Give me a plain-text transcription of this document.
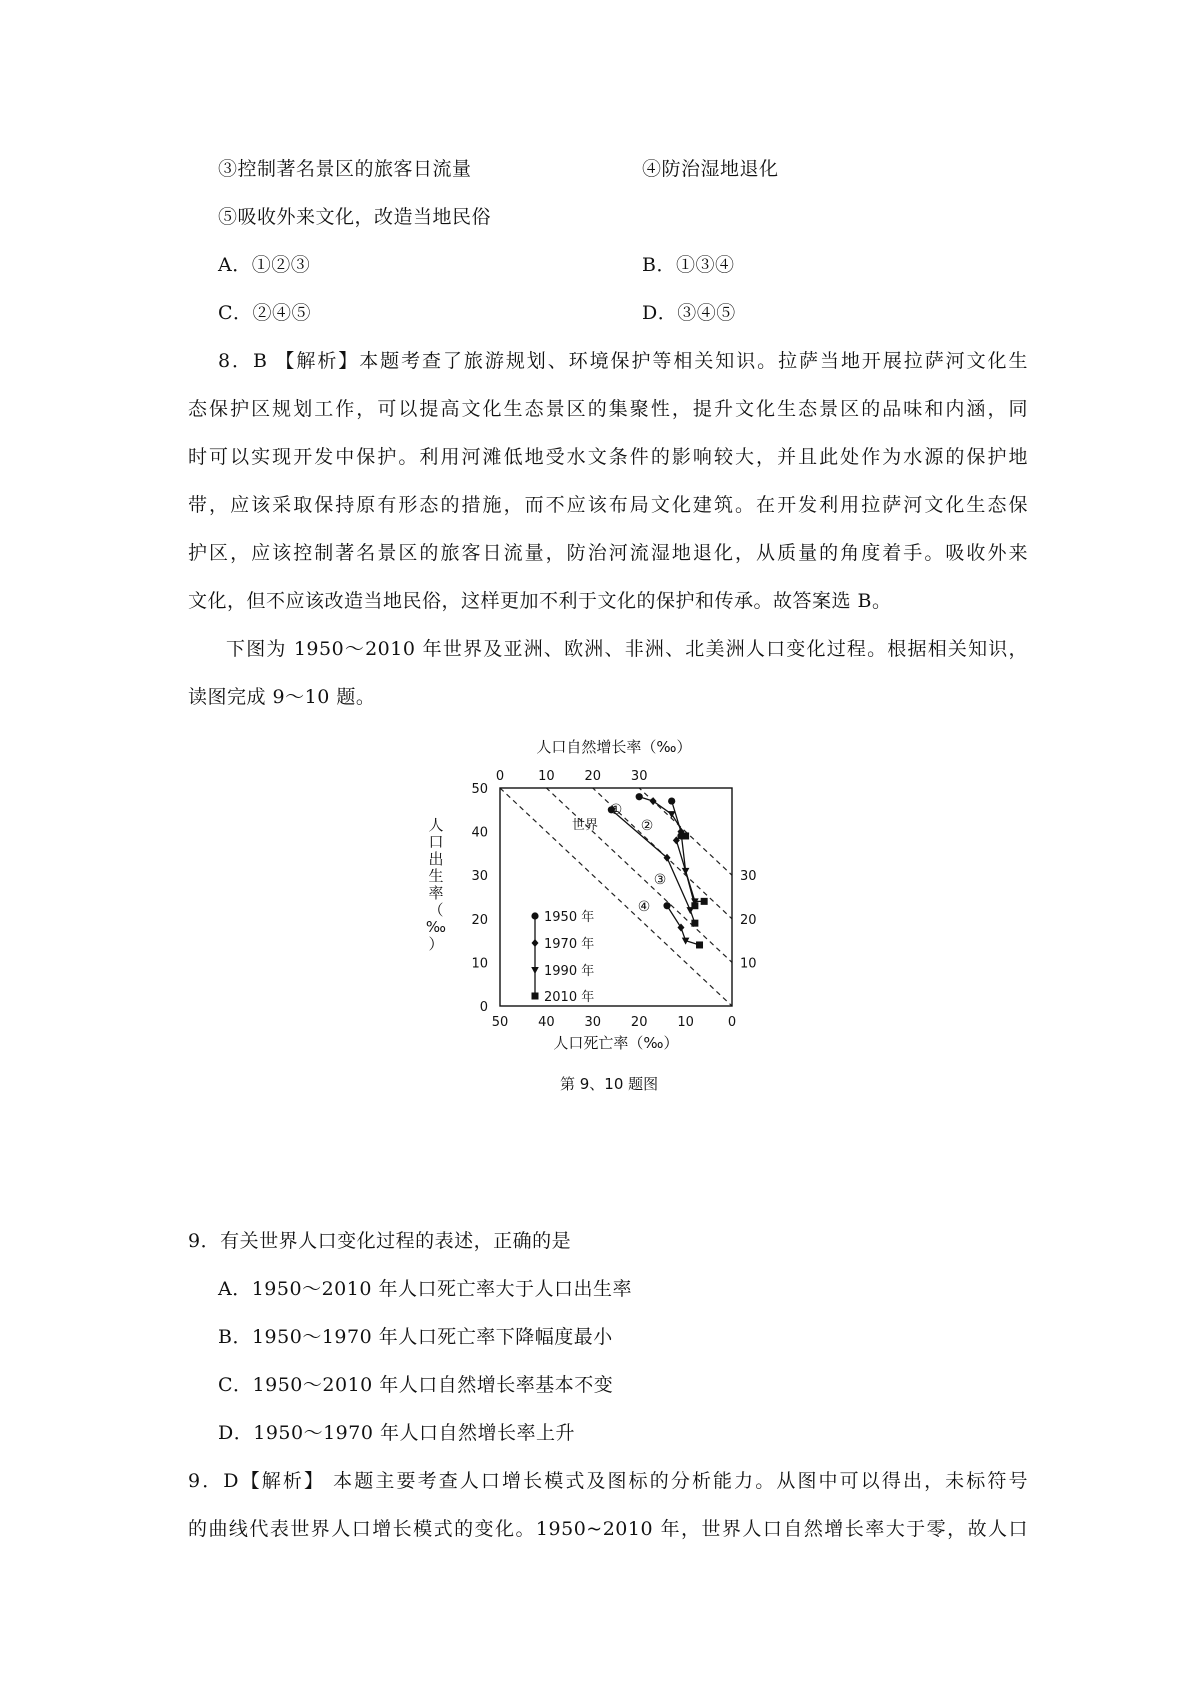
③控制著名景区的旅客日流量	④防治湿地退化
⑤吸收外来文化，改造当地民俗
A．①②③	B．①③④
C．②④⑤	D．③④⑤
8．B 【解析】本题考查了旅游规划、环境保护等相关知识。拉萨当地开展拉萨河文化生
态保护区规划工作，可以提高文化生态景区的集聚性，提升文化生态景区的品味和内涵，同
时可以实现开发中保护。利用河滩低地受水文条件的影响较大，并且此处作为水源的保护地
带，应该采取保持原有形态的措施，而不应该布局文化建筑。在开发利用拉萨河文化生态保
护区，应该控制著名景区的旅客日流量，防治河流湿地退化，从质量的角度着手。吸收外来
文化，但不应该改造当地民俗，这样更加不利于文化的保护和传承。故答案选 B。
下图为 1950～2010 年世界及亚洲、欧洲、非洲、北美洲人口变化过程。根据相关知识，
读图完成 9～10 题。
人口自然增长率（‰）
0	10 20 30
50
40
30
20
10
0
50 40 30 20 10	0
30
20
10
人
口
出
生
率
（
‰
）
人口死亡率（‰）
①
②
③
④
世界
1950 年
1970 年
1990 年
2010 年
第 9、10 题图
9．有关世界人口变化过程的表述，正确的是
A．1950～2010 年人口死亡率大于人口出生率
B．1950～1970 年人口死亡率下降幅度最小
C．1950～2010 年人口自然增长率基本不变
D．1950～1970 年人口自然增长率上升
9．D【解析】 本题主要考查人口增长模式及图标的分析能力。从图中可以得出，未标符号
的曲线代表世界人口增长模式的变化。1950~2010 年，世界人口自然增长率大于零，故人口
